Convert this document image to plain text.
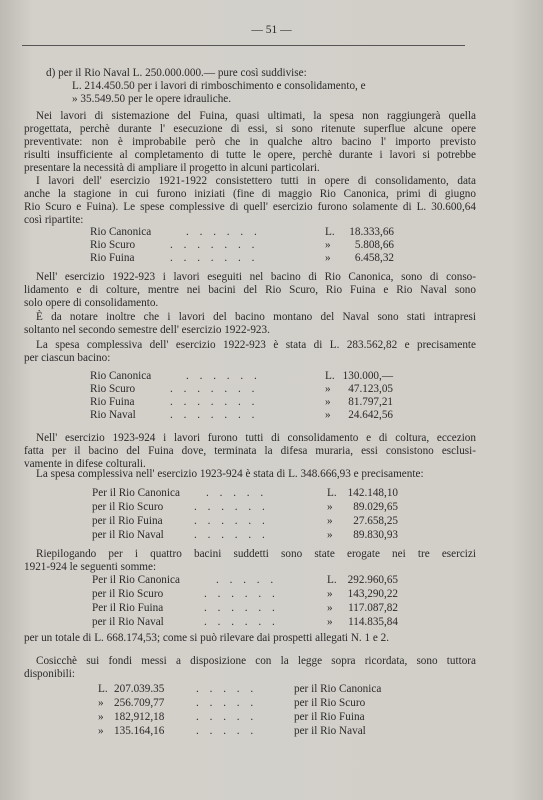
— 51 —
d) per il Rio Naval L. 250.000.000.— pure così suddivise:
L. 214.450.50 per i lavori di rimboschimento e consolidamento, e
» 35.549.50 per le opere idrauliche.
Nei lavori di sistemazione del Fuina, quasi ultimati, la spesa non raggiungerà quella
progettata, perchè durante l' esecuzione di essi, si sono ritenute superflue alcune opere
preventivate: non è improbabile però che in qualche altro bacino l' importo previsto
risulti insufficiente al completamento di tutte le opere, perchè durante i lavori si potrebbe
presentare la necessità di ampliare il progetto in alcuni particolari.
I lavori dell' esercizio 1921-1922 consistettero tutti in opere di consolidamento, data
anche la stagione in cui furono iniziati (fine di maggio Rio Canonica, primi di giugno
Rio Scuro e Fuina). Le spese complessive di quell' esercizio furono solamente di L. 30.600,64
così ripartite:
Rio Canonica	. . . . . .	L.	18.333,66
Rio Scuro	. . . . . . .	»	5.808,66
Rio Fuina	. . . . . . .	»	6.458,32
Nell' esercizio 1922-923 i lavori eseguiti nel bacino di Rio Canonica, sono di conso-
lidamento e di colture, mentre nei bacini del Rio Scuro, Rio Fuina e Rio Naval sono
solo opere di consolidamento.
È da notare inoltre che i lavori del bacino montano del Naval sono stati intrapresi
soltanto nel secondo semestre dell' esercizio 1922-923.
La spesa complessiva dell' esercizio 1922-923 è stata di L. 283.562,82 e precisamente
per ciascun bacino:
Rio Canonica	. . . . . .	L. 130.000,—
Rio Scuro	. . . . . . .	»	47.123,05
Rio Fuina	. . . . . . .	»	81.797,21
Rio Naval	. . . . . . .	»	24.642,56
Nell' esercizio 1923-924 i lavori furono tutti di consolidamento e di coltura, eccezion
fatta per il bacino del Fuina dove, terminata la difesa muraria, essi consistono esclusi-
vamente in difese colturali.
La spesa complessiva nell' esercizio 1923-924 è stata di L. 348.666,93 e precisamente:
Per il Rio Canonica . . . . .	L. 142.148,10
per il Rio Scuro	. . . . . .	»	89.029,65
per il Rio Fuina	. . . . . .	»	27.658,25
per il Rio Naval	. . . . . .	»	89.830,93
Riepilogando per i quattro bacini suddetti sono state erogate nei tre esercizi
1921-924 le seguenti somme:
Per il Rio Canonica	. . . . .	L. 292.960,65
per il Rio Scuro	. . . . . .	»	143,290,22
Per il Rio Fuina	. . . . . .	»	117.087,82
per il Rio Naval	. . . . . .	»	114.835,84
per un totale di L. 668.174,53; come si può rilevare dai prospetti allegati N. 1 e 2.
Cosicchè sui fondi messi a disposizione con la legge sopra ricordata, sono tuttora
disponibili:
L. 207.039.35	. . . . .	per il Rio Canonica
» 256.709,77	. . . . .	per il Rio Scuro
» 182,912,18	. . . . .	per il Rio Fuina
» 135.164,16	. . . . .	per il Rio Naval
